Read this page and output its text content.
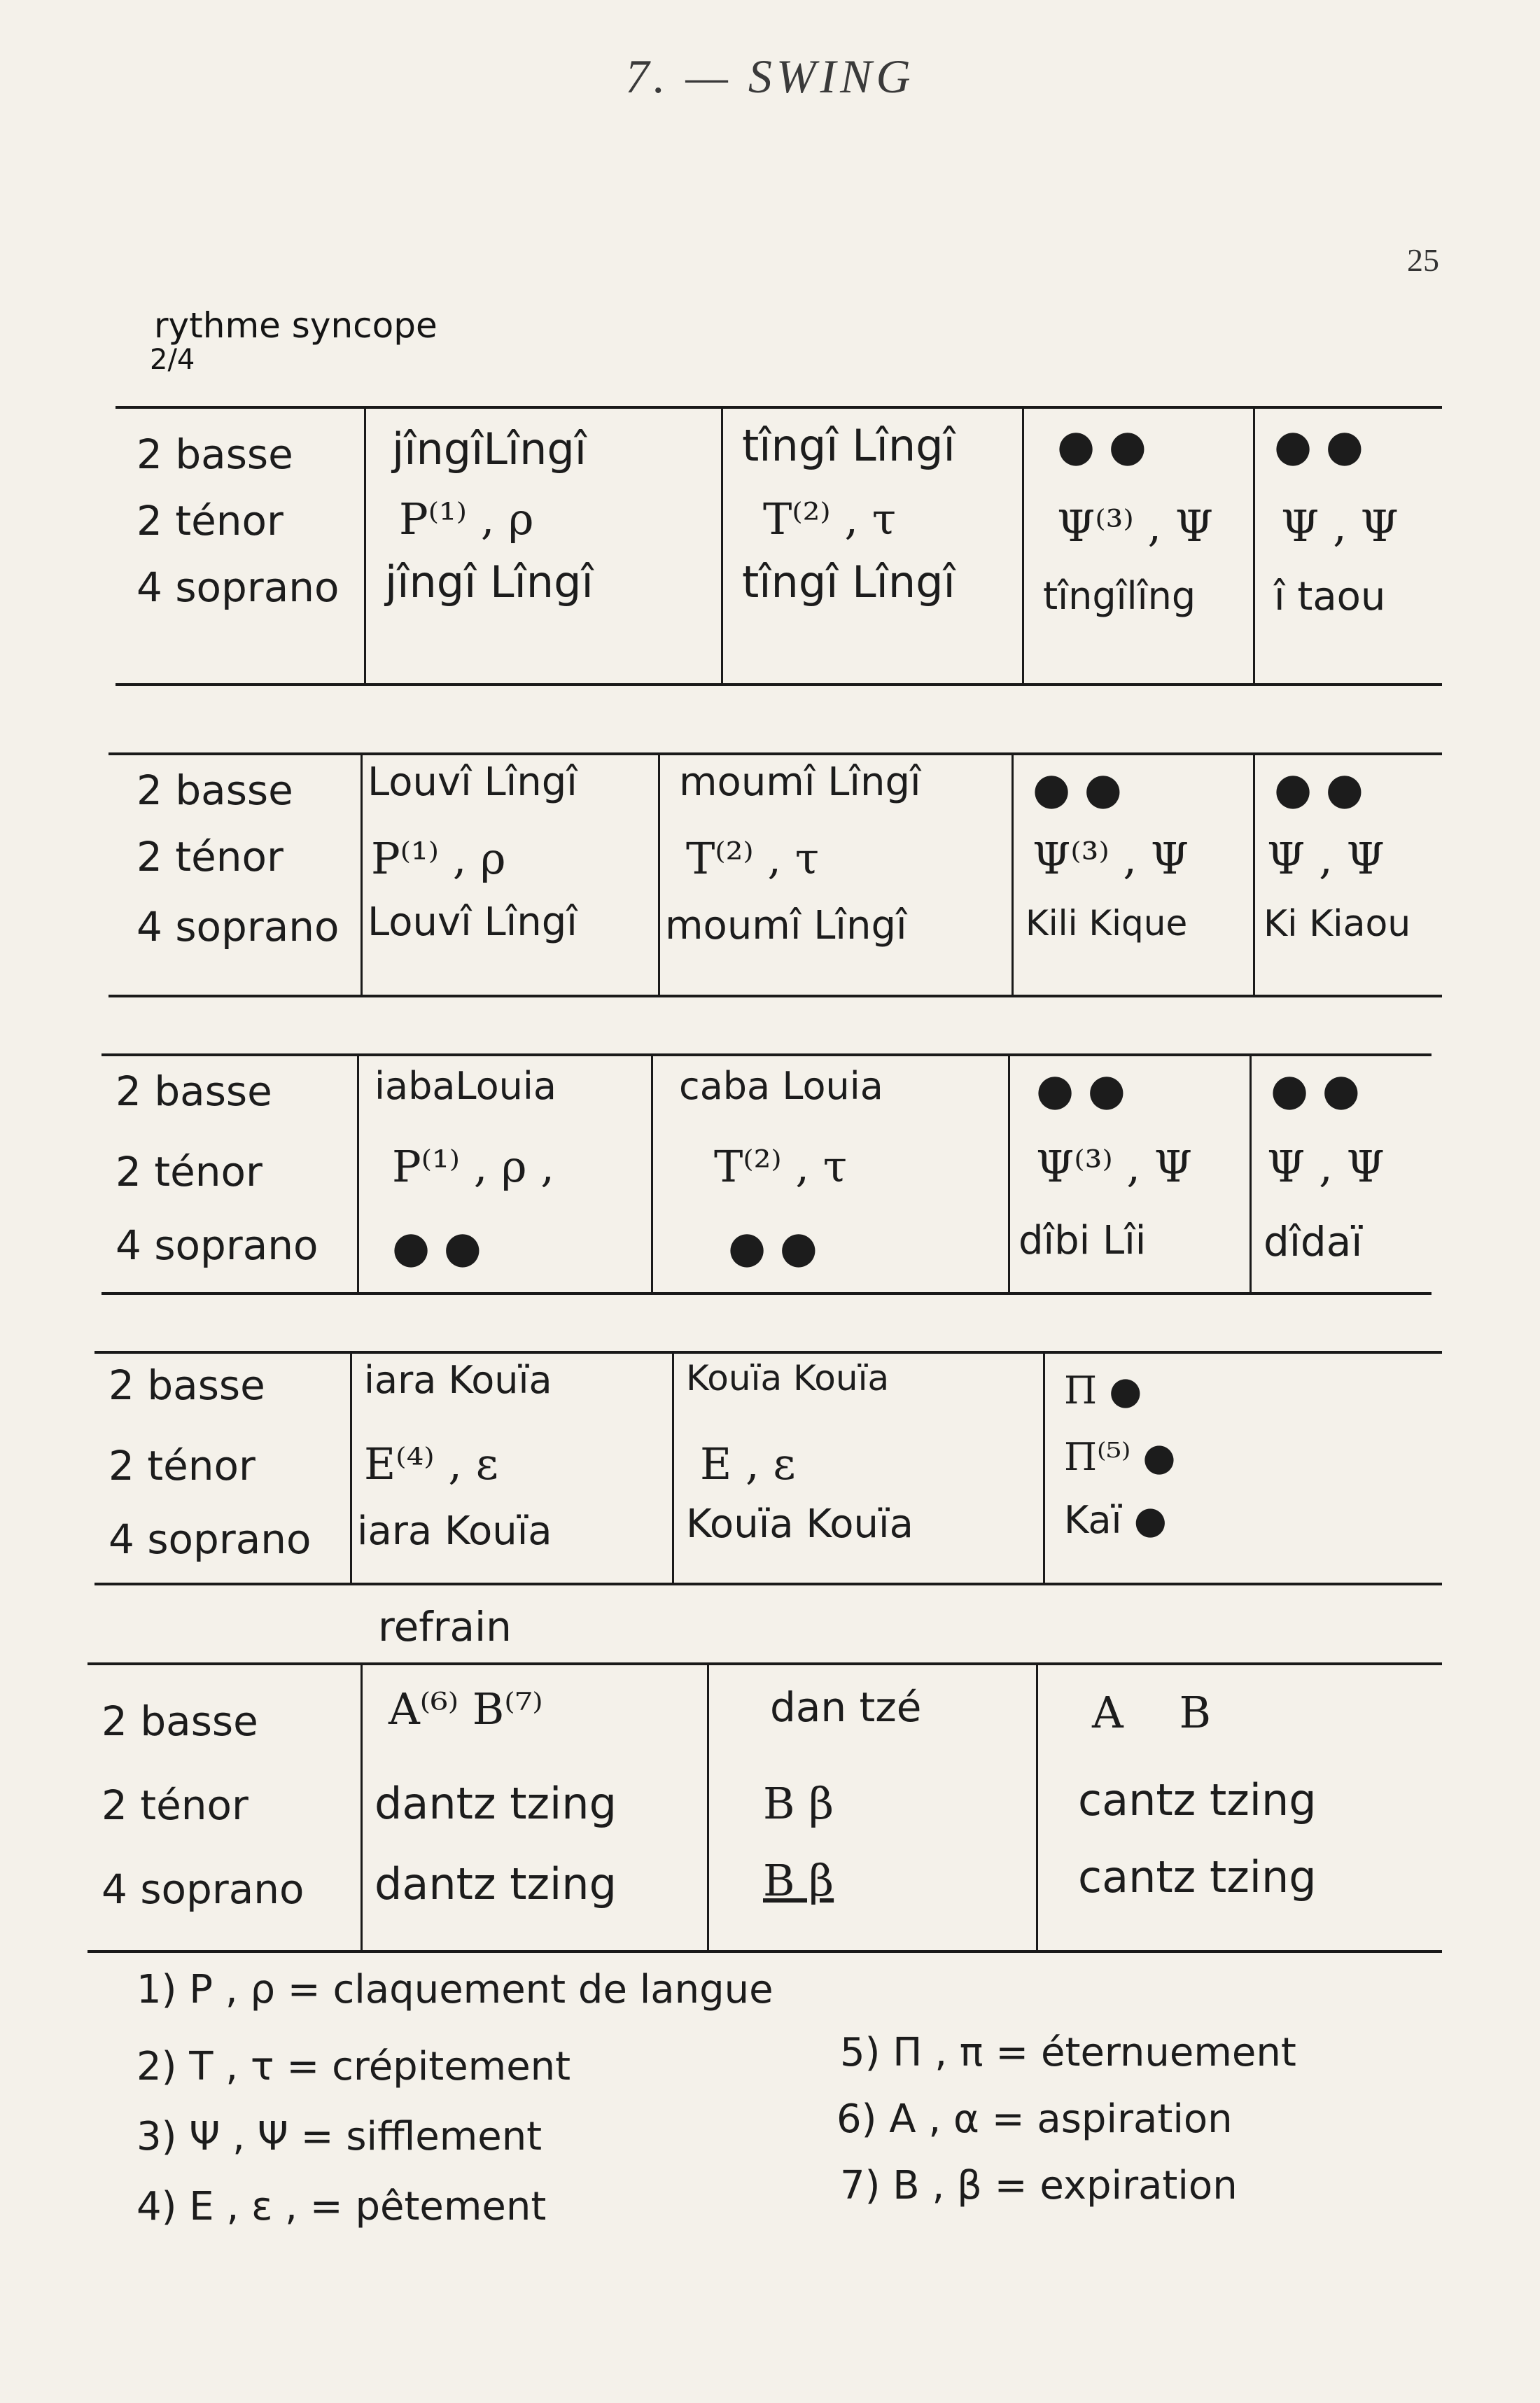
7. — SWING
25
rythme syncope
2/4
2 basse
2 ténor
4 soprano
jîngîLîngî
P⁽¹⁾ , ρ
jîngî Lîngî
tîngî Lîngî
T⁽²⁾ , τ
tîngî Lîngî
● ●
Ψ⁽³⁾ , Ψ
tîngîlîng
● ●
Ψ , Ψ
î taou
2 basse
2 ténor
4 soprano
Louvî Lîngî
P⁽¹⁾ , ρ
Louvî Lîngî
moumî Lîngî
T⁽²⁾ , τ
moumî Lîngî
● ●
Ψ⁽³⁾ , Ψ
Kili Kique
● ●
Ψ , Ψ
Ki Kiaou
2 basse
2 ténor
4 soprano
iabaLouia
P⁽¹⁾ , ρ ,
● ●
caba Louia
T⁽²⁾ , τ
● ●
● ●
Ψ⁽³⁾ , Ψ
dîbi Lîi
● ●
Ψ , Ψ
dîdaï
2 basse
2 ténor
4 soprano
iara Kouïa
E⁽⁴⁾ , ε
iara Kouïa
Kouïa Kouïa
E , ε
Kouïa Kouïa
Π ●
Π⁽⁵⁾ ●
Kaï ●
refrain
2 basse
2 ténor
4 soprano
A⁽⁶⁾ B⁽⁷⁾
dantz tzing
dantz tzing
dan tzé
B β
B β
A B
cantz tzing
cantz tzing
1) P , ρ = claquement de langue
2) T , τ = crépitement
3) Ψ , Ψ = sifflement
4) E , ε , = pêtement
5) Π , π = éternuement
6) A , α = aspiration
7) B , β = expiration
